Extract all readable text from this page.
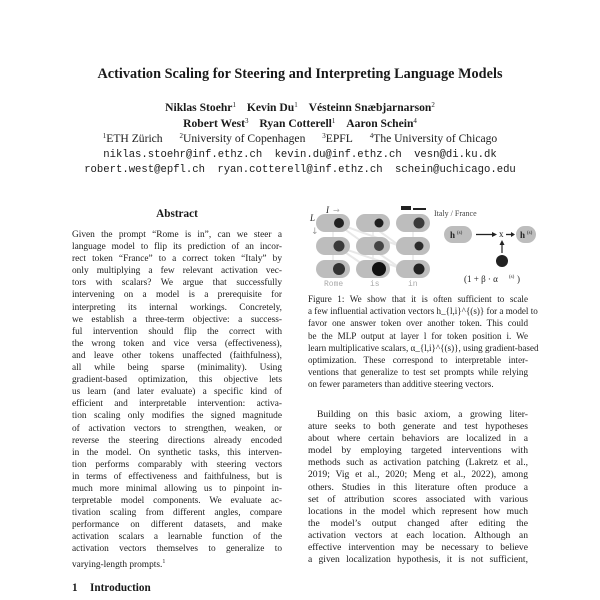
Activation Scaling for Steering and Interpreting Language Models
Niklas Stoehr$^1$ Kevin Du$^1$ Vésteinn Snæbjarnarson$^2$
Robert West$^3$ Ryan Cotterell$^1$ Aaron Schein$^4$
$^1$ETH Zürich $^2$University of Copenhagen $^3$EPFL $^4$The University of Chicago
niklas.stoehr@inf.ethz.ch kevin.du@inf.ethz.ch vesn@di.ku.dk
robert.west@epfl.ch ryan.cotterell@inf.ethz.ch schein@uchicago.edu
Abstract
Given the prompt “Rome is in”, can we steer a
language model to flip its prediction of an incor-
rect token “France” to a correct token “Italy” by
only multiplying a few relevant activation vec-
tors with scalars? We argue that successfully
intervening on a model is a prerequisite for
interpreting its internal workings. Concretely,
we establish a three-term objective: a success-
ful intervention should flip the correct with
the wrong token and vice versa (effectiveness),
and leave other tokens unaffected (faithfulness),
all while being sparse (minimality). Using
gradient-based optimization, this objective lets
us learn (and later evaluate) a specific kind of
efficient and interpretable intervention: activa-
tion scaling only modifies the signed magnitude
of activation vectors to strengthen, weaken, or
reverse the steering directions already encoded
in the model. On synthetic tasks, this interven-
tion performs comparably with steering vectors
in terms of effectiveness and faithfulness, but is
much more minimal allowing us to pinpoint in-
terpretable model components. We evaluate ac-
tivation scaling from different angles, compare
performance on different datasets, and make
activation scalars a learnable function of the
activation vectors themselves to generalize to
varying-length prompts.$^1$
1 Introduction
L
↓
I →
Rome	is	in
Italy / France
h (s)	x h (s)
(1 + β · α (s) )
Figure 1: We show that it is often sufficient to scale
a few influential activation vectors h_{l,i}^{(s)} for a model to
favor one answer token over another token. This could
be the MLP output at layer l for token position i. We
learn multiplicative scalars, α_{l,i}^{(s)}, using gradient-based
optimization. These correspond to interpretable inter-
ventions that generalize to test set prompts while relying
on fewer parameters than additive steering vectors.
Building on this basic axiom, a growing liter-
ature seeks to both generate and test hypotheses
about where certain behaviors are localized in a
model by employing targeted interventions with
methods such as activation patching (Lakretz et al.,
2019; Vig et al., 2020; Meng et al., 2022), among
others. Studies in this literature often produce a
set of attribution scores associated with various
locations in the model which represent how much
the model’s output changed after editing the
activation vectors at each location. Although an
effective intervention may be necessary to believe
a given localization hypothesis, it is not sufficient,
